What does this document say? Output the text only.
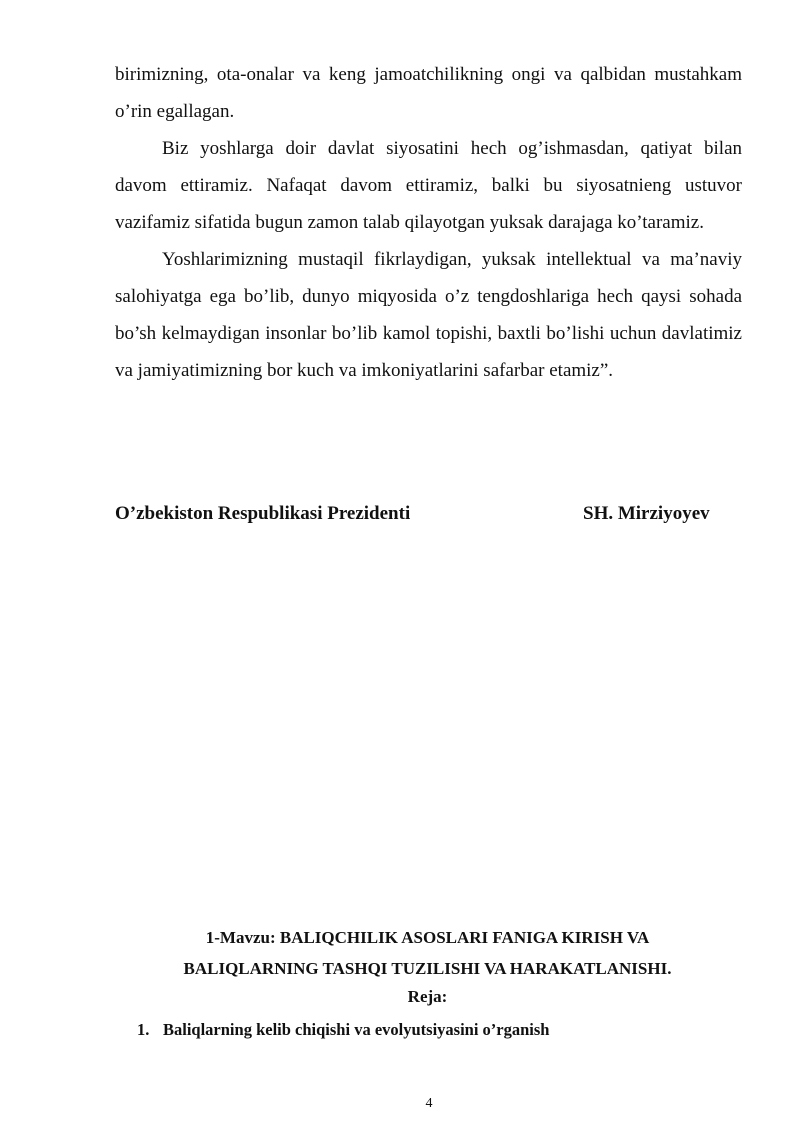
birimizning, ota-onalar va keng jamoatchilikning ongi va qalbidan mustahkam o’rin egallagan.

Biz yoshlarga doir davlat siyosatini hech og’ishmasdan, qatiyat bilan davom ettiramiz. Nafaqat davom ettiramiz, balki bu siyosatnieng ustuvor vazifamiz sifatida bugun zamon talab qilayotgan yuksak darajaga ko’taramiz.

Yoshlarimizning mustaqil fikrlaydigan, yuksak intellektual va ma’naviy salohiyatga ega bo’lib, dunyo miqyosida o’z tengdoshlariga hech qaysi sohada bo’sh kelmaydigan insonlar bo’lib kamol topishi, baxtli bo’lishi uchun davlatimiz va jamiyatimizning bor kuch va imkoniyatlarini safarbar etamiz”.

O’zbekiston Respublikasi Prezidenti	SH. Mirziyoyev
1-Mavzu: BALIQCHILIK ASOSLARI FANIGA KIRISH VA
BALIQLARNING TASHQI TUZILISHI VA HARAKATLANISHI.
Reja:
1. Baliqlarning kelib chiqishi va evolyutsiyasini o’rganish
4
